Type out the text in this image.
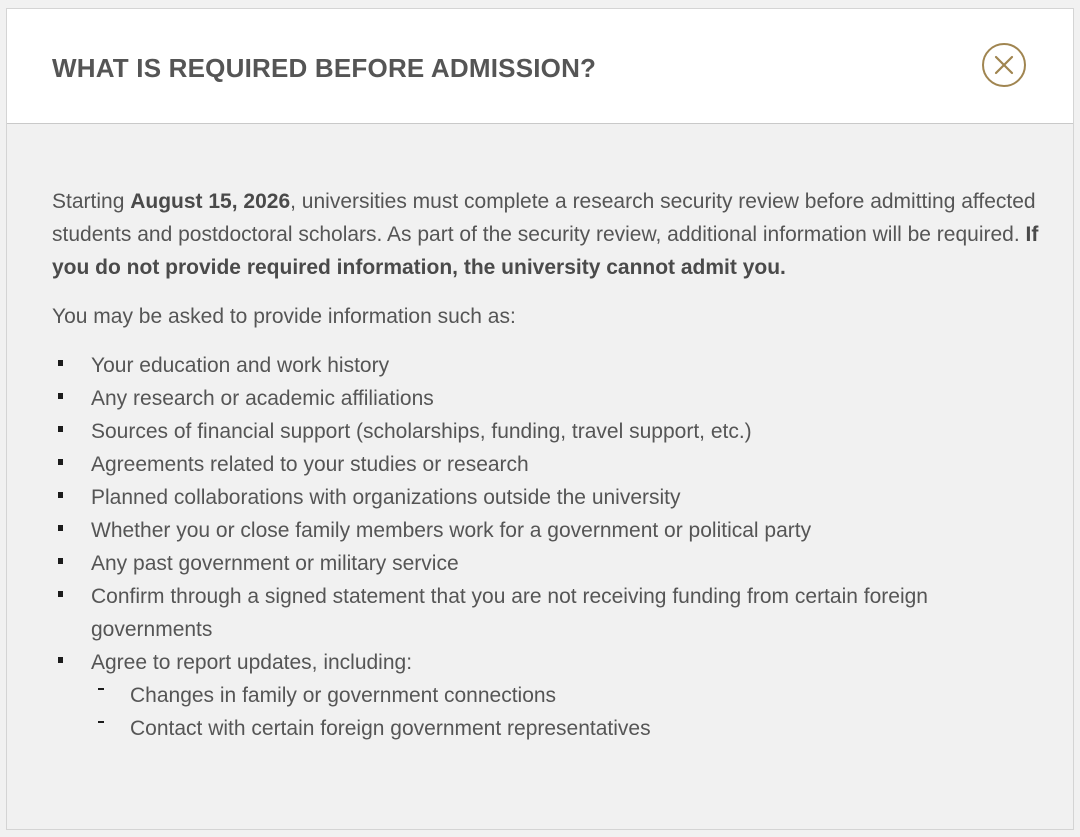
WHAT IS REQUIRED BEFORE ADMISSION?

Starting August 15, 2026, universities must complete a research security review before admitting affected students and postdoctoral scholars. As part of the security review, additional information will be required. If you do not provide required information, the university cannot admit you.

You may be asked to provide information such as:

Your education and work history
Any research or academic affiliations
Sources of financial support (scholarships, funding, travel support, etc.)
Agreements related to your studies or research
Planned collaborations with organizations outside the university
Whether you or close family members work for a government or political party
Any past government or military service
Confirm through a signed statement that you are not receiving funding from certain foreign governments
Agree to report updates, including:
Changes in family or government connections
Contact with certain foreign government representatives
